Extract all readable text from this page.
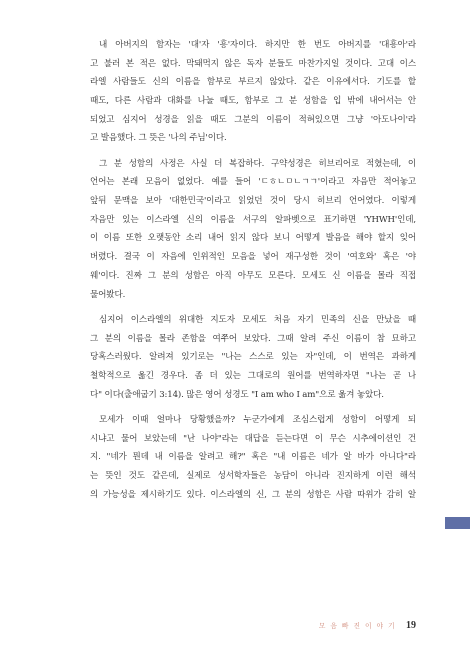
내 아버지의 함자는 '대'자 '흥'자이다. 하지만 한 번도 아버지를 '대흥아'라
고 불러 본 적은 없다. 막돼먹지 않은 독자 분들도 마찬가지일 것이다. 고대 이스
라엘 사람들도 신의 이름을 함부로 부르지 않았다. 같은 이유에서다. 기도를 할
때도, 다른 사람과 대화를 나눌 때도, 함부로 그 분 성함을 입 밖에 내어서는 안
되었고 심지어 성경을 읽을 때도 그분의 이름이 적혀있으면 그냥 '아도나이'라
고 발음했다. 그 뜻은 '나의 주님'이다.
그 분 성함의 사정은 사실 더 복잡하다. 구약성경은 히브리어로 적혔는데, 이
언어는 본래 모음이 없었다. 예를 들어 'ㄷㅎㄴㅁㄴㄱㄱ'이라고 자음만 적어놓고
앞뒤 문맥을 보아 '대한민국'이라고 읽었던 것이 당시 히브리 언어였다. 이렇게
자음만 있는 이스라엘 신의 이름을 서구의 알파벳으로 표기하면 'YHWH'인데,
이 이름 또한 오랫동안 소리 내어 읽지 않다 보니 어떻게 발음을 해야 할지 잊어
버렸다. 결국 이 자음에 인위적인 모음을 넣어 재구성한 것이 '여호와' 혹은 '야
웨'이다. 진짜 그 분의 성함은 아직 아무도 모른다. 모세도 신 이름을 몰라 직접
물어봤다.
심지어 이스라엘의 위대한 지도자 모세도 처음 자기 민족의 신을 만났을 때
그 분의 이름을 몰라 존함을 여쭈어 보았다. 그때 알려 주신 이름이 참 묘하고
당혹스러웠다. 알려져 있기로는 "나는 스스로 있는 자"인데, 이 번역은 과하게
철학적으로 옮긴 경우다. 좀 더 있는 그대로의 원어를 번역하자면 "나는 곧 나
다" 이다(출애굽기 3:14). 많은 영어 성경도 "I am who I am"으로 옮겨 놓았다.
모세가 이때 얼마나 당황했을까? 누군가에게 조심스럽게 성함이 어떻게 되
시냐고 물어 보았는데 "난 나야"라는 대답을 듣는다면 이 무슨 시추에이션인 건
지. "네가 뭔데 내 이름을 알려고 해?" 혹은 "내 이름은 네가 알 바가 아니다"라
는 뜻인 것도 같은데, 실제로 성서학자들은 농담이 아니라 진지하게 이런 해석
의 가능성을 제시하기도 있다. 이스라엘의 신, 그 분의 성함은 사람 따위가 감히 알
모 음 빠 진 이 야 기 19
